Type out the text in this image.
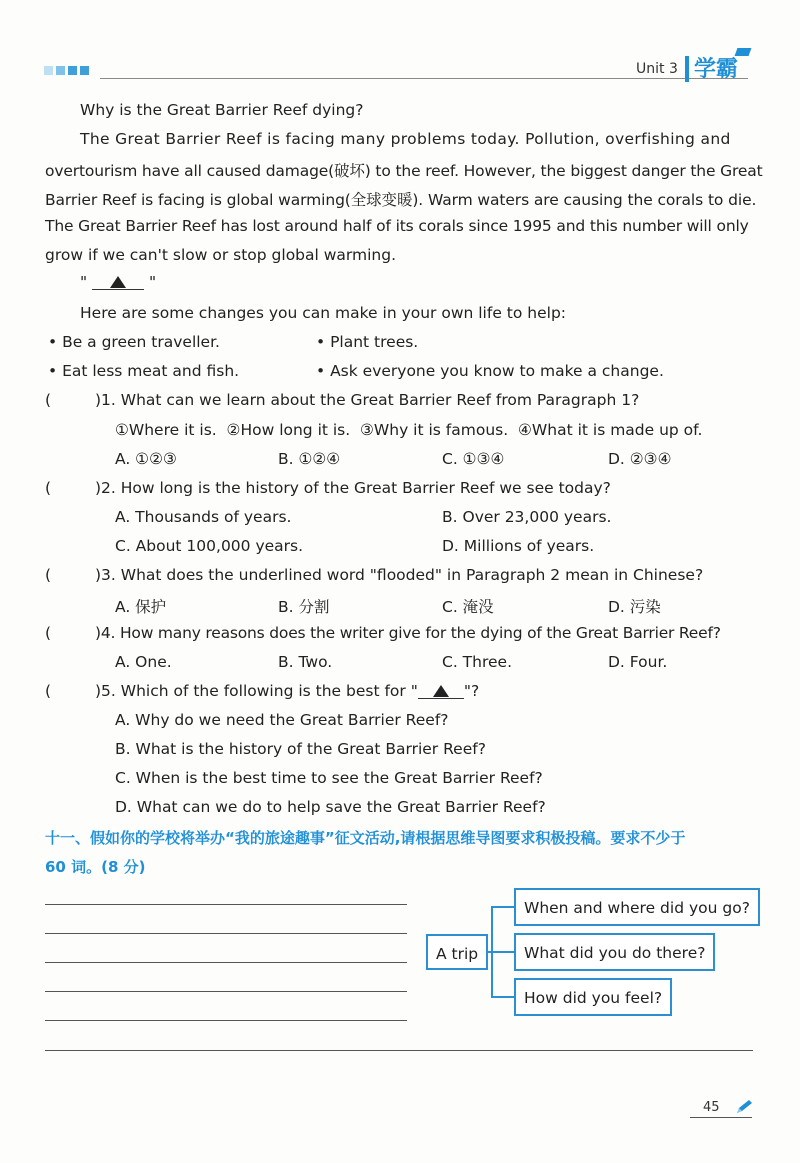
Unit 3 学霸
Why is the Great Barrier Reef dying?
The Great Barrier Reef is facing many problems today. Pollution, overfishing and
overtourism have all caused damage(破坏) to the reef. However, the biggest danger the Great
Barrier Reef is facing is global warming(全球变暖). Warm waters are causing the corals to die.
The Great Barrier Reef has lost around half of its corals since 1995 and this number will only
grow if we can't slow or stop global warming.
"	"
Here are some changes you can make in your own life to help:
• Be a green traveller.	• Plant trees.
• Eat less meat and fish.	• Ask everyone you know to make a change.
(	)1. What can we learn about the Great Barrier Reef from Paragraph 1?
①Where it is.  ②How long it is.  ③Why it is famous.  ④What it is made up of.
A. ①②③	B. ①②④	C. ①③④	D. ②③④
(	)2. How long is the history of the Great Barrier Reef we see today?
A. Thousands of years.	B. Over 23,000 years.
C. About 100,000 years.	D. Millions of years.
(	)3. What does the underlined word "flooded" in Paragraph 2 mean in Chinese?
A. 保护	B. 分割	C. 淹没	D. 污染
(	)4. How many reasons does the writer give for the dying of the Great Barrier Reef?
A. One.	B. Two.	C. Three.	D. Four.
(	)5. Which of the following is the best for "	"?
A. Why do we need the Great Barrier Reef?
B. What is the history of the Great Barrier Reef?
C. When is the best time to see the Great Barrier Reef?
D. What can we do to help save the Great Barrier Reef?
十一、假如你的学校将举办“我的旅途趣事”征文活动,请根据思维导图要求积极投稿。要求不少于
60 词。(8 分)
A trip
When and where did you go?
What did you do there?
How did you feel?
45
